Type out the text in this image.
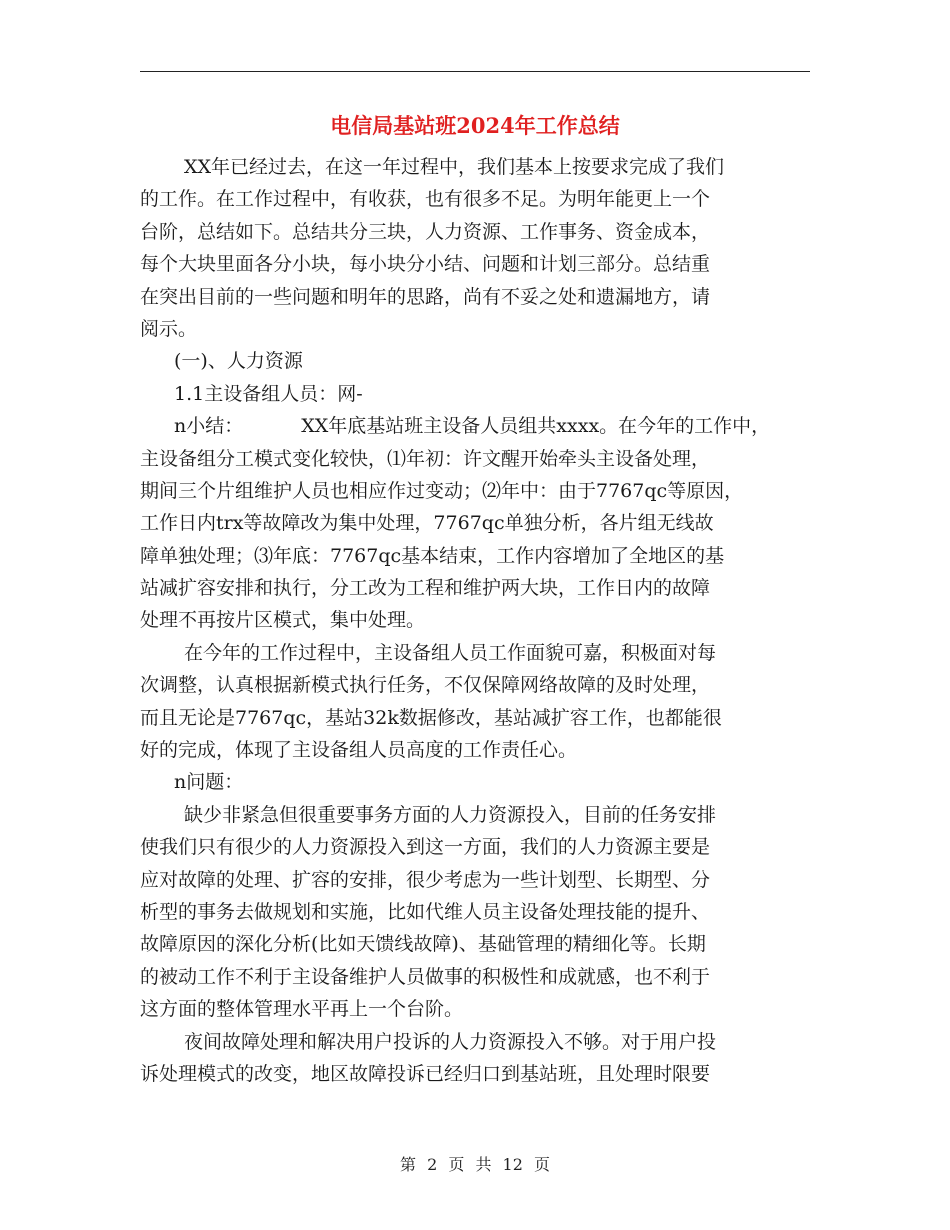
电信局基站班2024年工作总结
XX年已经过去，在这一年过程中，我们基本上按要求完成了我们
的工作。在工作过程中，有收获，也有很多不足。为明年能更上一个
台阶，总结如下。总结共分三块，人力资源、工作事务、资金成本，
每个大块里面各分小块，每小块分小结、问题和计划三部分。总结重
在突出目前的一些问题和明年的思路，尚有不妥之处和遗漏地方，请
阅示。
(一)、人力资源
1.1主设备组人员：网-
n小结：	XX年底基站班主设备人员组共xxxx。在今年的工作中，
主设备组分工模式变化较快，⑴年初：许文醒开始牵头主设备处理，
期间三个片组维护人员也相应作过变动；⑵年中：由于7767qc等原因，
工作日内trx等故障改为集中处理，7767qc单独分析，各片组无线故
障单独处理；⑶年底：7767qc基本结束，工作内容增加了全地区的基
站减扩容安排和执行，分工改为工程和维护两大块，工作日内的故障
处理不再按片区模式，集中处理。
在今年的工作过程中，主设备组人员工作面貌可嘉，积极面对每
次调整，认真根据新模式执行任务，不仅保障网络故障的及时处理，
而且无论是7767qc，基站32k数据修改，基站减扩容工作，也都能很
好的完成，体现了主设备组人员高度的工作责任心。
n问题：
缺少非紧急但很重要事务方面的人力资源投入，目前的任务安排
使我们只有很少的人力资源投入到这一方面，我们的人力资源主要是
应对故障的处理、扩容的安排，很少考虑为一些计划型、长期型、分
析型的事务去做规划和实施，比如代维人员主设备处理技能的提升、
故障原因的深化分析(比如天馈线故障)、基础管理的精细化等。长期
的被动工作不利于主设备维护人员做事的积极性和成就感，也不利于
这方面的整体管理水平再上一个台阶。
夜间故障处理和解决用户投诉的人力资源投入不够。对于用户投
诉处理模式的改变，地区故障投诉已经归口到基站班，且处理时限要
第 2 页 共 12 页
